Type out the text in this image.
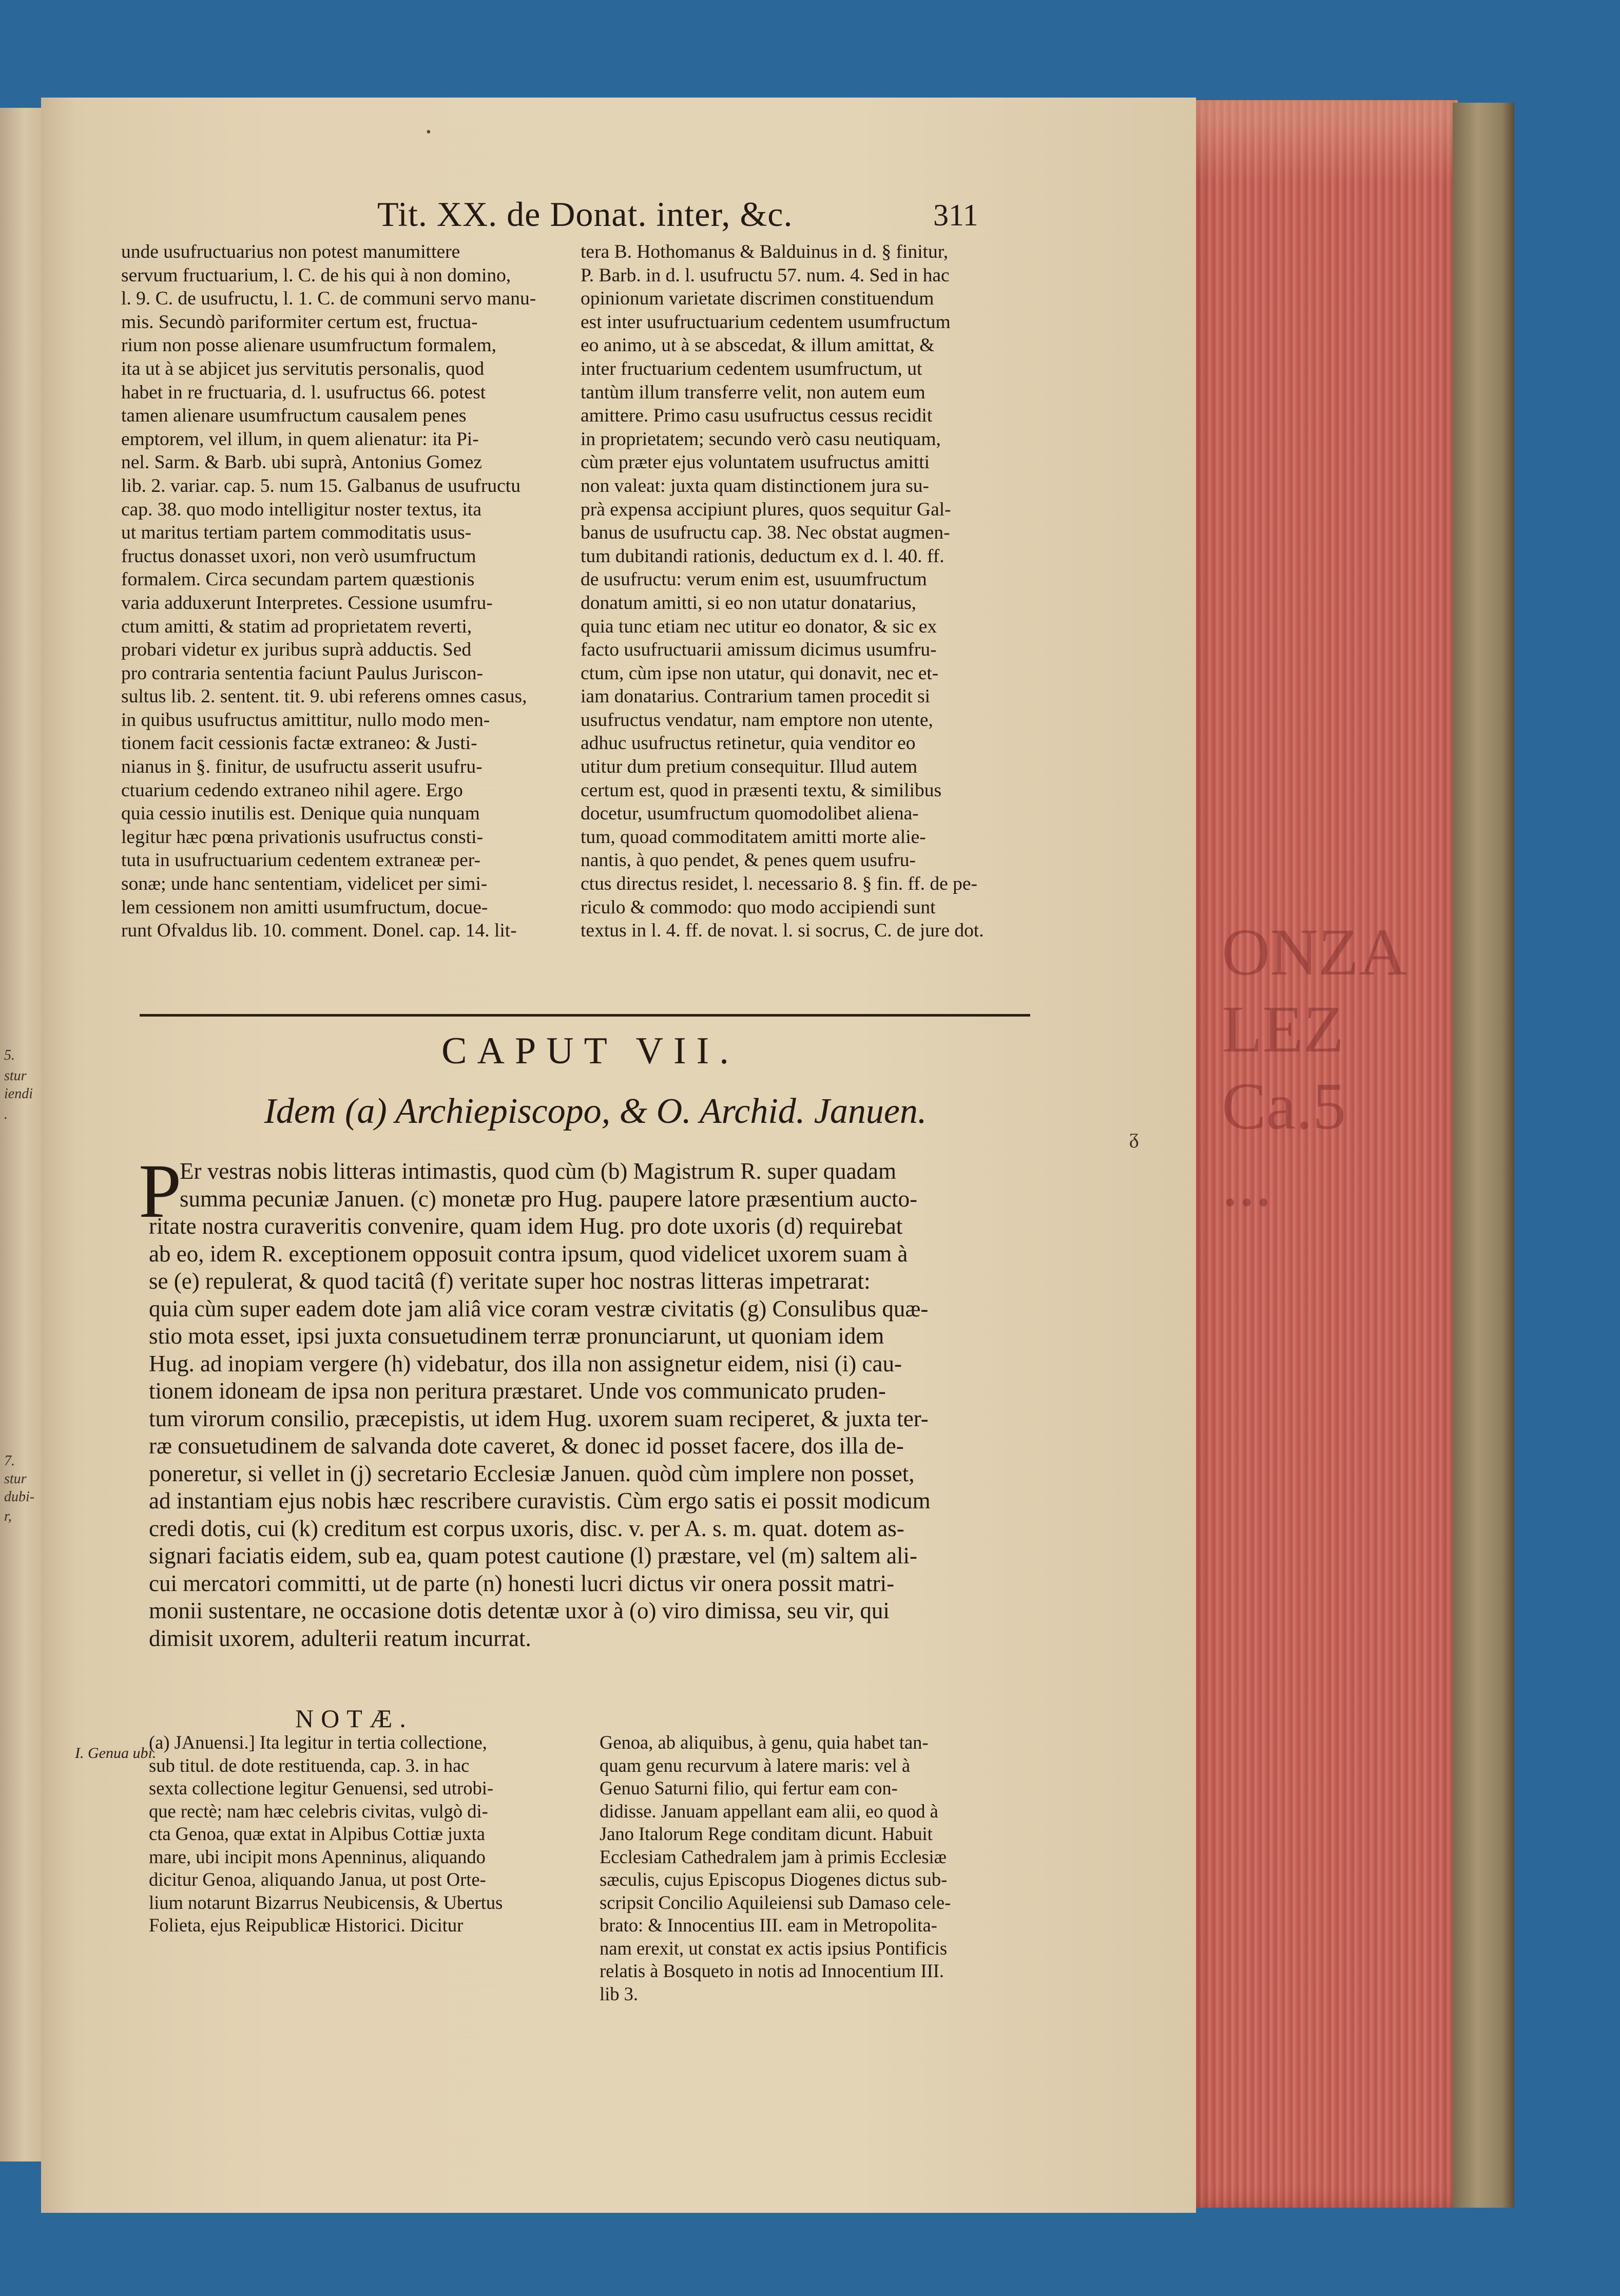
5.
stur
iendi
.
7.
stur
dubi-
r,
ONZA
LEZ
Ca.5
...
•
Tit. XX. de Donat. inter, &c.	311

unde usufructuarius non potest manumittere

servum fructuarium, l. C. de his qui à non domino,

l. 9. C. de usufructu, l. 1. C. de communi servo manu-

mis. Secundò pariformiter certum est, fructua-

rium non posse alienare usumfructum formalem,

ita ut à se abjicet jus servitutis personalis, quod

habet in re fructuaria, d. l. usufructus 66. potest

tamen alienare usumfructum causalem penes

emptorem, vel illum, in quem alienatur: ita Pi-

nel. Sarm. & Barb. ubi suprà, Antonius Gomez

lib. 2. variar. cap. 5. num 15. Galbanus de usufructu

cap. 38. quo modo intelligitur noster textus, ita

ut maritus tertiam partem commoditatis usus-

fructus donasset uxori, non verò usumfructum

formalem. Circa secundam partem quæstionis

varia adduxerunt Interpretes. Cessione usumfru-

ctum amitti, & statim ad proprietatem reverti,

probari videtur ex juribus suprà adductis. Sed

pro contraria sententia faciunt Paulus Juriscon-

sultus lib. 2. sentent. tit. 9. ubi referens omnes casus,

in quibus usufructus amittitur, nullo modo men-

tionem facit cessionis factæ extraneo: & Justi-

nianus in §. finitur, de usufructu asserit usufru-

ctuarium cedendo extraneo nihil agere. Ergo

quia cessio inutilis est. Denique quia nunquam

legitur hæc pœna privationis usufructus consti-

tuta in usufructuarium cedentem extraneæ per-

sonæ; unde hanc sententiam, videlicet per simi-

lem cessionem non amitti usumfructum, docue-

runt Ofvaldus lib. 10. comment. Donel. cap. 14. lit-

tera B. Hothomanus & Balduinus in d. § finitur,

P. Barb. in d. l. usufructu 57. num. 4. Sed in hac

opinionum varietate discrimen constituendum

est inter usufructuarium cedentem usumfructum

eo animo, ut à se abscedat, & illum amittat, &

inter fructuarium cedentem usumfructum, ut

tantùm illum transferre velit, non autem eum

amittere. Primo casu usufructus cessus recidit

in proprietatem; secundo verò casu neutiquam,

cùm præter ejus voluntatem usufructus amitti

non valeat: juxta quam distinctionem jura su-

prà expensa accipiunt plures, quos sequitur Gal-

banus de usufructu cap. 38. Nec obstat augmen-

tum dubitandi rationis, deductum ex d. l. 40. ff.

de usufructu: verum enim est, usuumfructum

donatum amitti, si eo non utatur donatarius,

quia tunc etiam nec utitur eo donator, & sic ex

facto usufructuarii amissum dicimus usumfru-

ctum, cùm ipse non utatur, qui donavit, nec et-

iam donatarius. Contrarium tamen procedit si

usufructus vendatur, nam emptore non utente,

adhuc usufructus retinetur, quia venditor eo

utitur dum pretium consequitur. Illud autem

certum est, quod in præsenti textu, & similibus

docetur, usumfructum quomodolibet aliena-

tum, quoad commoditatem amitti morte alie-

nantis, à quo pendet, & penes quem usufru-

ctus directus residet, l. necessario 8. § fin. ff. de pe-

riculo & commodo: quo modo accipiendi sunt

textus in l. 4. ff. de novat. l. si socrus, C. de jure dot.

CAPUT VII.
Idem (a) Archiepiscopo, & O. Archid. Januen.
ᵹ
P

Er vestras nobis litteras intimastis, quod cùm (b) Magistrum R. super quadam

summa pecuniæ Januen. (c) monetæ pro Hug. paupere latore præsentium aucto-

ritate nostra curaveritis convenire, quam idem Hug. pro dote uxoris (d) requirebat

ab eo, idem R. exceptionem opposuit contra ipsum, quod videlicet uxorem suam à

se (e) repulerat, & quod tacitâ (f) veritate super hoc nostras litteras impetrarat:

quia cùm super eadem dote jam aliâ vice coram vestræ civitatis (g) Consulibus quæ-

stio mota esset, ipsi juxta consuetudinem terræ pronunciarunt, ut quoniam idem

Hug. ad inopiam vergere (h) videbatur, dos illa non assignetur eidem, nisi (i) cau-

tionem idoneam de ipsa non peritura præstaret. Unde vos communicato pruden-

tum virorum consilio, præcepistis, ut idem Hug. uxorem suam reciperet, & juxta ter-

ræ consuetudinem de salvanda dote caveret, & donec id posset facere, dos illa de-

poneretur, si vellet in (j) secretario Ecclesiæ Januen. quòd cùm implere non posset,

ad instantiam ejus nobis hæc rescribere curavistis. Cùm ergo satis ei possit modicum

credi dotis, cui (k) creditum est corpus uxoris, disc. v. per A. s. m. quat. dotem as-

signari faciatis eidem, sub ea, quam potest cautione (l) præstare, vel (m) saltem ali-

cui mercatori committi, ut de parte (n) honesti lucri dictus vir onera possit matri-

monii sustentare, ne occasione dotis detentæ uxor à (o) viro dimissa, seu vir, qui

dimisit uxorem, adulterii reatum incurrat.

NOTÆ.
I. Genua ubi.

(a) JAnuensi.] Ita legitur in tertia collectione,

sub titul. de dote restituenda, cap. 3. in hac

sexta collectione legitur Genuensi, sed utrobi-

que rectè; nam hæc celebris civitas, vulgò di-

cta Genoa, quæ extat in Alpibus Cottiæ juxta

mare, ubi incipit mons Apenninus, aliquando

dicitur Genoa, aliquando Janua, ut post Orte-

lium notarunt Bizarrus Neubicensis, & Ubertus

Folieta, ejus Reipublicæ Historici. Dicitur

Genoa, ab aliquibus, à genu, quia habet tan-

quam genu recurvum à latere maris: vel à

Genuo Saturni filio, qui fertur eam con-

didisse. Januam appellant eam alii, eo quod à

Jano Italorum Rege conditam dicunt. Habuit

Ecclesiam Cathedralem jam à primis Ecclesiæ

sæculis, cujus Episcopus Diogenes dictus sub-

scripsit Concilio Aquileiensi sub Damaso cele-

brato: & Innocentius III. eam in Metropolita-

nam erexit, ut constat ex actis ipsius Pontificis

relatis à Bosqueto in notis ad Innocentium III.

lib 3.
